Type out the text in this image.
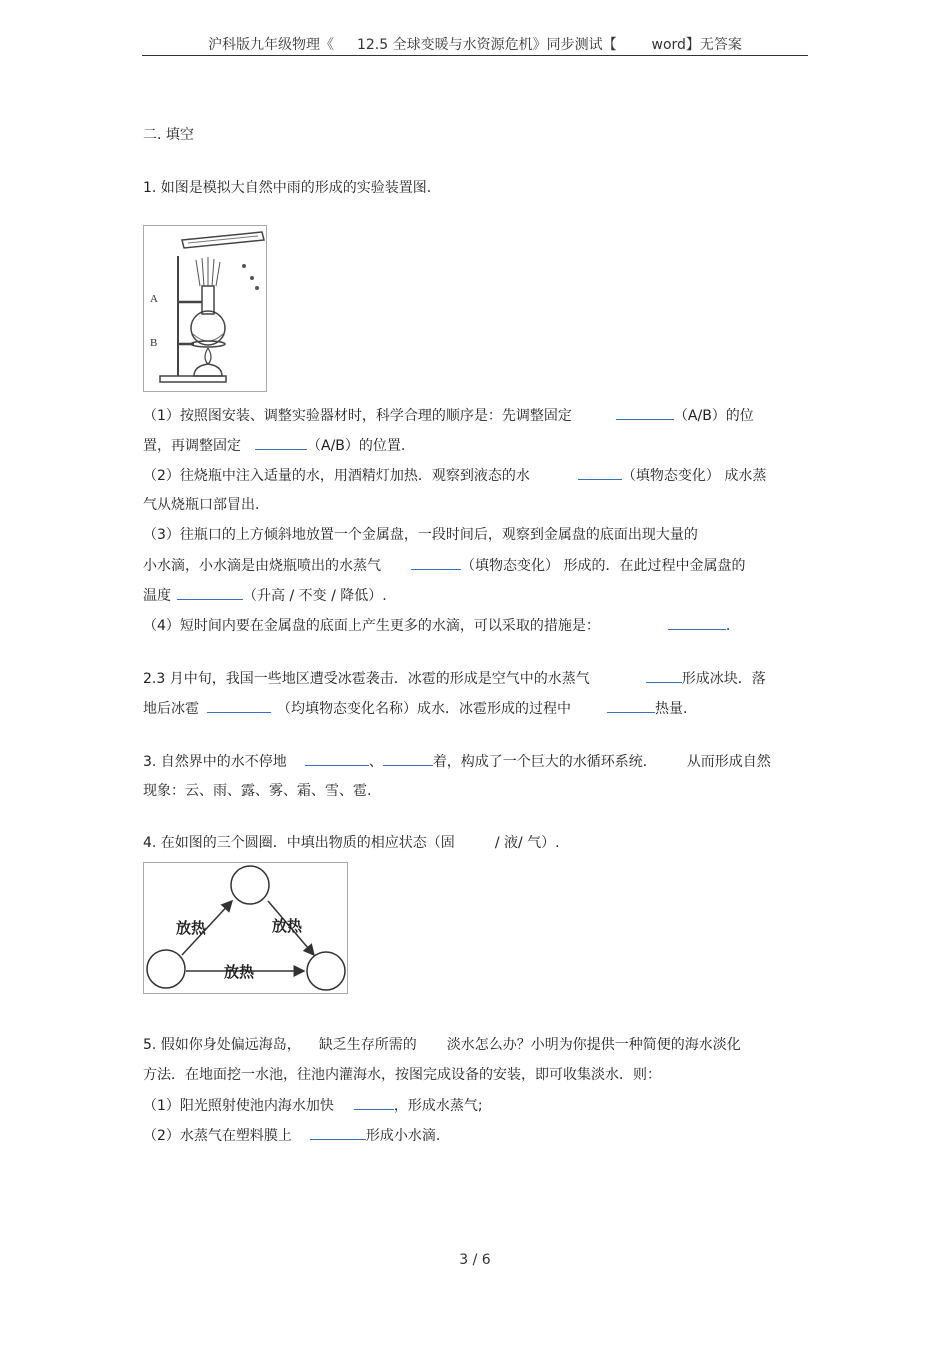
沪科版九年级物理《 12.5 全球变暖与水资源危机》同步测试【 word】无答案
二. 填空
1. 如图是模拟大自然中雨的形成的实验装置图.
A
B
（1）按照图安装、调整实验器材时，科学合理的顺序是：先调整固定	（A/B）的位
置，再调整固定	（A/B）的位置.
（2）往烧瓶中注入适量的水，用酒精灯加热．观察到液态的水	（填物态变化） 成水蒸
气从烧瓶口部冒出.
（3）往瓶口的上方倾斜地放置一个金属盘，一段时间后，观察到金属盘的底面出现大量的
小水滴，小水滴是由烧瓶喷出的水蒸气	（填物态变化） 形成的．在此过程中金属盘的
温度	（升高 / 不变 / 降低）.
（4）短时间内要在金属盘的底面上产生更多的水滴，可以采取的措施是：	.
2.3 月中旬，我国一些地区遭受冰雹袭击．冰雹的形成是空气中的水蒸气	形成冰块．落
地后冰雹	（均填物态变化名称）成水．冰雹形成的过程中	热量.
3. 自然界中的水不停地	、	着，构成了一个巨大的水循环系统． 从而形成自然
现象：云、雨、露、雾、霜、雪、雹.
4. 在如图的三个圆圈．中填出物质的相应状态（固	/ 液/ 气）.
放热	放热
放热
5. 假如你身处偏远海岛， 缺乏生存所需的 淡水怎么办？小明为你提供一种简便的海水淡化
方法．在地面挖一水池，往池内灌海水，按图完成设备的安装，即可收集淡水．则：
（1）阳光照射使池内海水加快	，形成水蒸气;
（2）水蒸气在塑料膜上	形成小水滴.
3 / 6
